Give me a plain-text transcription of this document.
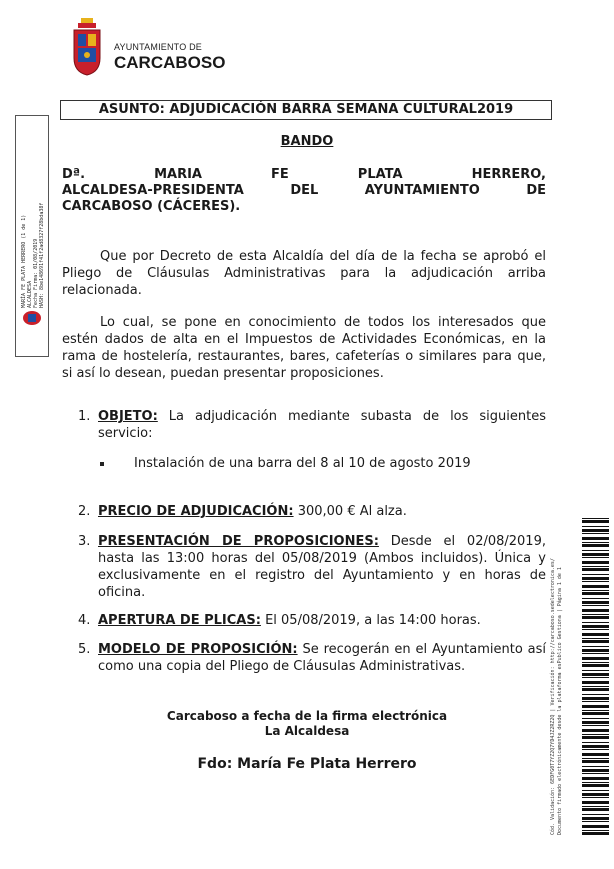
AYUNTAMIENTO DE
CARCABOSO
MARÍA FE PLATA HERRERO (1 de 1) ALCALDESA Fecha Firma: 01/08/2019 HASH: 8be148691f41f2ad8327f28bda38f
ASUNTO: ADJUDICACIÓN BARRA SEMANA CULTURAL2019
BANDO
Dª. MARIA FE PLATA HERRERO,
ALCALDESA-PRESIDENTA DEL AYUNTAMIENTO DE
CARCABOSO (CÁCERES).
Que por Decreto de esta Alcaldía del día de la fecha se aprobó el Pliego de Cláusulas Administrativas para la adjudicación arriba relacionada.
Lo cual, se pone en conocimiento de todos los interesados que estén dados de alta en el Impuestos de Actividades Económicas, en la rama de hostelería, restaurantes, bares, cafeterías o similares para que, si así lo desean, puedan presentar proposiciones.
1. OBJETO: La adjudicación mediante subasta de los siguientes servicio:
Instalación de una barra del 8 al 10 de agosto 2019
2. PRECIO DE ADJUDICACIÓN: 300,00 € Al alza.
3. PRESENTACIÓN DE PROPOSICIONES: Desde el 02/08/2019, hasta las 13:00 horas del 05/08/2019 (Ambos incluidos). Única y exclusivamente en el registro del Ayuntamiento y en horas de oficina.
4. APERTURA DE PLICAS: El 05/08/2019, a las 14:00 horas.
5. MODELO DE PROPOSICIÓN: Se recogerán en el Ayuntamiento así como una copia del Pliego de Cláusulas Administrativas.
Carcaboso a fecha de la firma electrónica
La Alcaldesa
Fdo: María Fe Plata Herrero	Cód. Validación: 6EDFG0T7YZ2Q7YD4JZ2RZ2Q | Verificación: http://carcaboso.sedelectronica.es/
Documento firmado electrónicamente desde la plataforma esPublico Gestiona | Página 1 de 1
